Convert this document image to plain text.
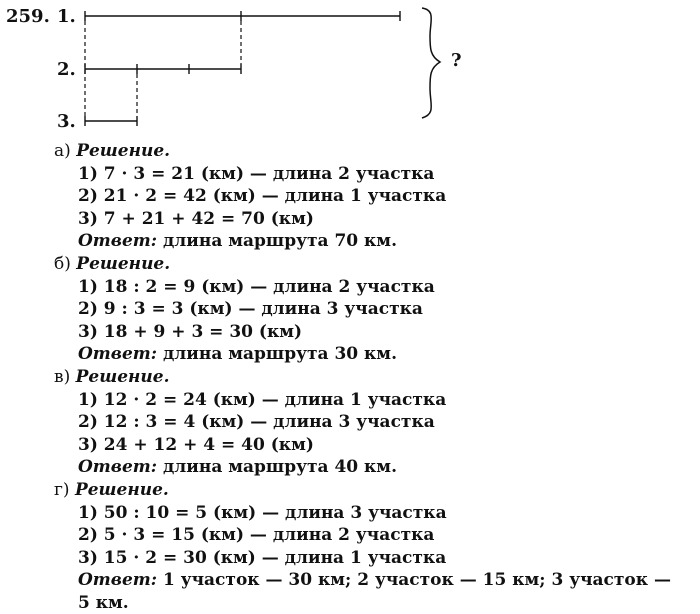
259. 1.
2.
3.
?
а) Решение.
1) 7 · 3 = 21 (км) — длина 2 участка
2) 21 · 2 = 42 (км) — длина 1 участка
3) 7 + 21 + 42 = 70 (км)
Ответ: длина маршрута 70 км.
б) Решение.
1) 18 : 2 = 9 (км) — длина 2 участка
2) 9 : 3 = 3 (км) — длина 3 участка
3) 18 + 9 + 3 = 30 (км)
Ответ: длина маршрута 30 км.
в) Решение.
1) 12 · 2 = 24 (км) — длина 1 участка
2) 12 : 3 = 4 (км) — длина 3 участка
3) 24 + 12 + 4 = 40 (км)
Ответ: длина маршрута 40 км.
г) Решение.
1) 50 : 10 = 5 (км) — длина 3 участка
2) 5 · 3 = 15 (км) — длина 2 участка
3) 15 · 2 = 30 (км) — длина 1 участка
Ответ: 1 участок — 30 км; 2 участок — 15 км; 3 участок —
5 км.
